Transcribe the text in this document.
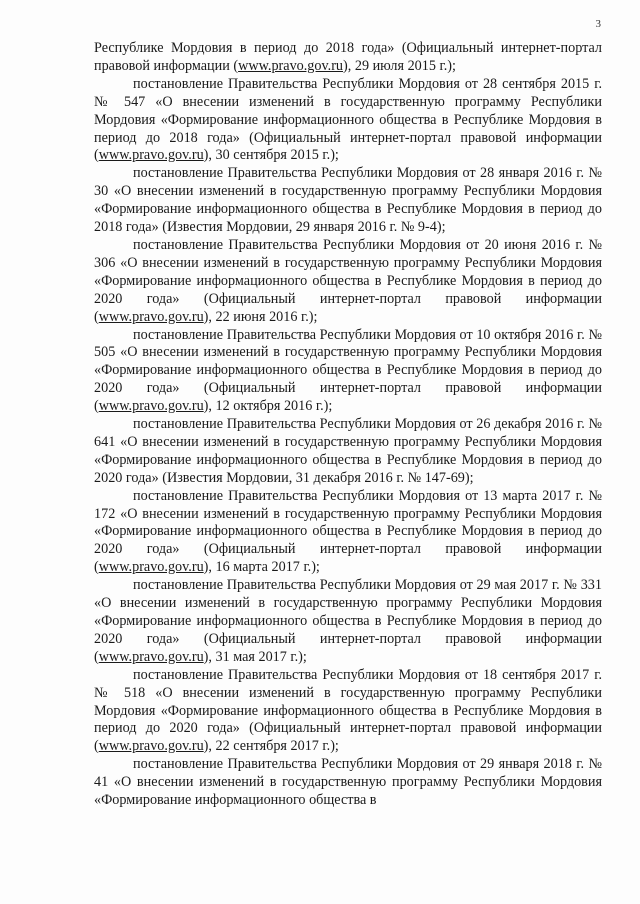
3

Республике Мордовия в период до 2018 года» (Официальный интернет-портал правовой информации (www.pravo.gov.ru), 29 июля 2015 г.);

постановление Правительства Республики Мордовия от 28 сентября 2015 г. № 547 «О внесении изменений в государственную программу Республики Мордовия «Формирование информационного общества в Республике Мордовия в период до 2018 года» (Официальный интернет-портал правовой информации (www.pravo.gov.ru), 30 сентября 2015 г.);

постановление Правительства Республики Мордовия от 28 января 2016 г. № 30 «О внесении изменений в государственную программу Республики Мордовия «Формирование информационного общества в Республике Мордовия в период до 2018 года» (Известия Мордовии, 29 января 2016 г. № 9-4);

постановление Правительства Республики Мордовия от 20 июня 2016 г. № 306 «О внесении изменений в государственную программу Республики Мордовия «Формирование информационного общества в Республике Мордовия в период до 2020 года» (Официальный интернет-портал правовой информации (www.pravo.gov.ru), 22 июня 2016 г.);

постановление Правительства Республики Мордовия от 10 октября 2016 г. № 505 «О внесении изменений в государственную программу Республики Мордовия «Формирование информационного общества в Республике Мордовия в период до 2020 года» (Официальный интернет-портал правовой информации (www.pravo.gov.ru), 12 октября 2016 г.);

постановление Правительства Республики Мордовия от 26 декабря 2016 г. № 641 «О внесении изменений в государственную программу Республики Мордовия «Формирование информационного общества в Республике Мордовия в период до 2020 года» (Известия Мордовии, 31 декабря 2016 г. № 147-69);

постановление Правительства Республики Мордовия от 13 марта 2017 г. № 172 «О внесении изменений в государственную программу Республики Мордовия «Формирование информационного общества в Республике Мордовия в период до 2020 года» (Официальный интернет-портал правовой информации (www.pravo.gov.ru), 16 марта 2017 г.);

постановление Правительства Республики Мордовия от 29 мая 2017 г. № 331 «О внесении изменений в государственную программу Республики Мордовия «Формирование информационного общества в Республике Мордовия в период до 2020 года» (Официальный интернет-портал правовой информации (www.pravo.gov.ru), 31 мая 2017 г.);

постановление Правительства Республики Мордовия от 18 сентября 2017 г. № 518 «О внесении изменений в государственную программу Республики Мордовия «Формирование информационного общества в Республике Мордовия в период до 2020 года» (Официальный интернет-портал правовой информации (www.pravo.gov.ru), 22 сентября 2017 г.);

постановление Правительства Республики Мордовия от 29 января 2018 г. № 41 «О внесении изменений в государственную программу Республики Мордовия «Формирование информационного общества в
